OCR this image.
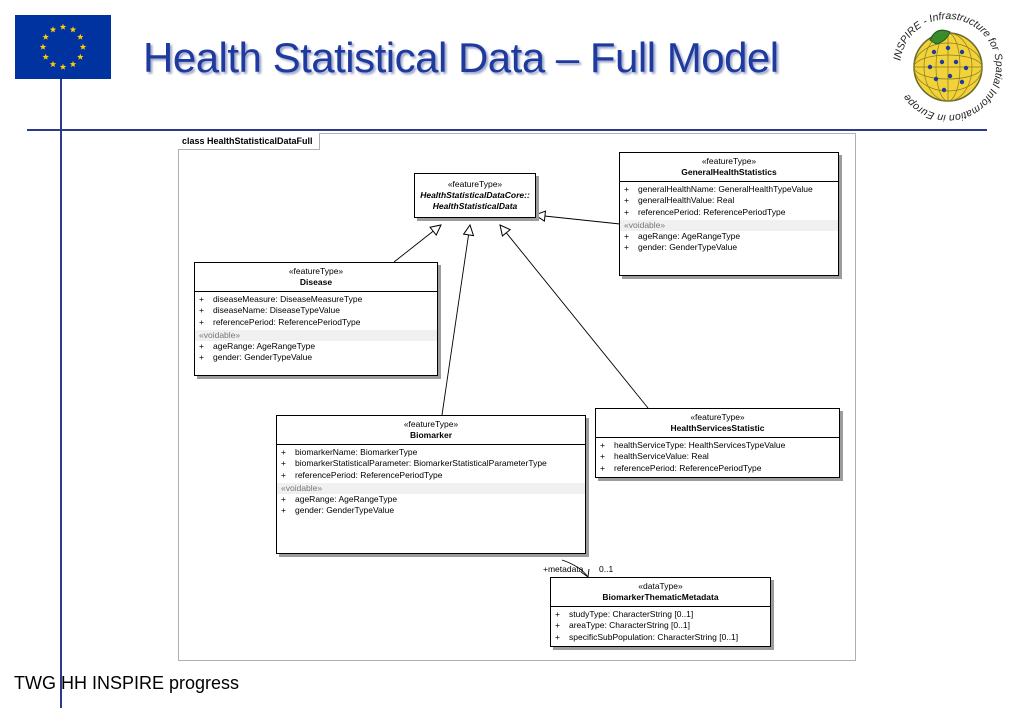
Health Statistical Data – Full Model	INSPIRE - Infrastructure for Spatial Information in Europe
TWG HH INSPIRE progress
class HealthStatisticalDataFull
«featureType»
HealthStatisticalDataCore::
HealthStatisticalData
«featureType»
GeneralHealthStatistics
+ generalHealthName: GeneralHealthTypeValue
+ generalHealthValue: Real
+ referencePeriod: ReferencePeriodType
«voidable»
+ ageRange: AgeRangeType
+ gender: GenderTypeValue
«featureType»
Disease
+ diseaseMeasure: DiseaseMeasureType
+ diseaseName: DiseaseTypeValue
+ referencePeriod: ReferencePeriodType
«voidable»
+ ageRange: AgeRangeType
+ gender: GenderTypeValue
«featureType»
Biomarker
+ biomarkerName: BiomarkerType
+ biomarkerStatisticalParameter: BiomarkerStatisticalParameterType
+ referencePeriod: ReferencePeriodType
«voidable»
+ ageRange: AgeRangeType
+ gender: GenderTypeValue
«featureType»
HealthServicesStatistic
+ healthServiceType: HealthServicesTypeValue
+ healthServiceValue: Real
+ referencePeriod: ReferencePeriodType
«dataType»
BiomarkerThematicMetadata
+ studyType: CharacterString [0..1]
+ areaType: CharacterString [0..1]
+ specificSubPopulation: CharacterString [0..1]
+metadata 0..1
